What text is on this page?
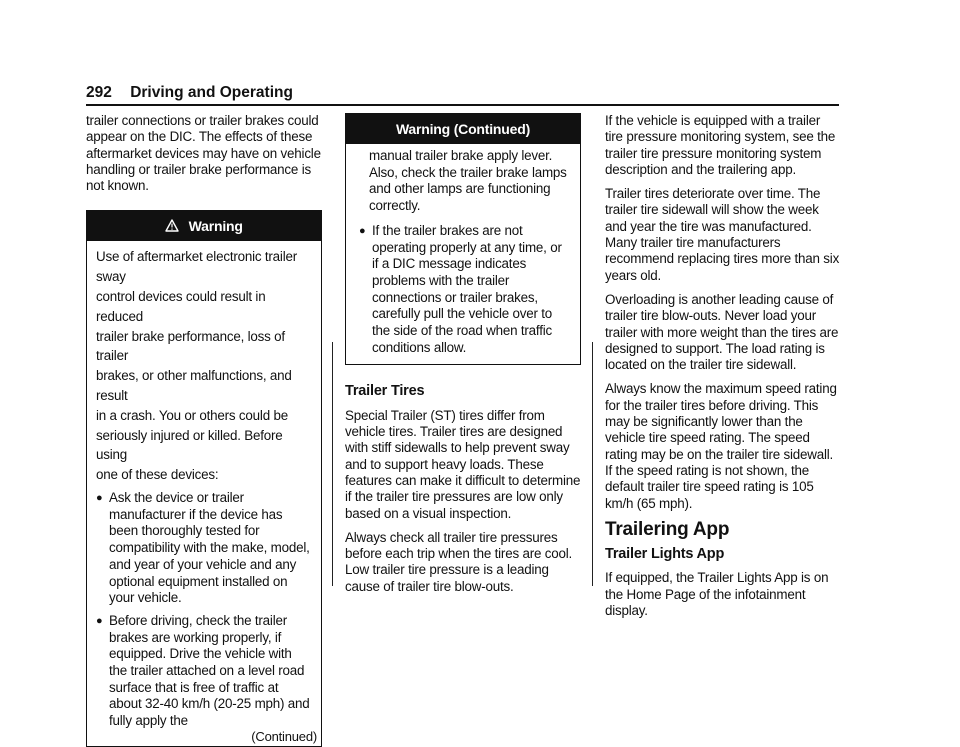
292 Driving and Operating

trailer connections or trailer brakes could appear on the DIC. The effects of these aftermarket devices may have on vehicle handling or trailer brake performance is not known.

Warning

Use of aftermarket electronic trailer sway

control devices could result in reduced

trailer brake performance, loss of trailer

brakes, or other malfunctions, and result

in a crash. You or others could be

seriously injured or killed. Before using

one of these devices:

● Ask the device or trailer manufacturer if the device has been thoroughly tested for compatibility with the make, model, and year of your vehicle and any optional equipment installed on your vehicle.
● Before driving, check the trailer brakes are working properly, if equipped. Drive the vehicle with the trailer attached on a level road surface that is free of traffic at about 32-40 km/h (20-25 mph) and fully apply the
(Continued)
Warning (Continued)

manual trailer brake apply lever. Also, check the trailer brake lamps and other lamps are functioning correctly.

● If the trailer brakes are not operating properly at any time, or if a DIC message indicates problems with the trailer connections or trailer brakes, carefully pull the vehicle over to the side of the road when traffic conditions allow.
Trailer Tires

Special Trailer (ST) tires differ from vehicle tires. Trailer tires are designed with stiff sidewalls to help prevent sway and to support heavy loads. These features can make it difficult to determine if the trailer tire pressures are low only based on a visual inspection.

Always check all trailer tire pressures before each trip when the tires are cool. Low trailer tire pressure is a leading cause of trailer tire blow-outs.

If the vehicle is equipped with a trailer tire pressure monitoring system, see the trailer tire pressure monitoring system description and the trailering app.

Trailer tires deteriorate over time. The trailer tire sidewall will show the week and year the tire was manufactured. Many trailer tire manufacturers recommend replacing tires more than six years old.

Overloading is another leading cause of trailer tire blow-outs. Never load your trailer with more weight than the tires are designed to support. The load rating is located on the trailer tire sidewall.

Always know the maximum speed rating for the trailer tires before driving. This may be significantly lower than the vehicle tire speed rating. The speed rating may be on the trailer tire sidewall. If the speed rating is not shown, the default trailer tire speed rating is 105 km/h (65 mph).

Trailering App
Trailer Lights App

If equipped, the Trailer Lights App is on the Home Page of the infotainment display.
